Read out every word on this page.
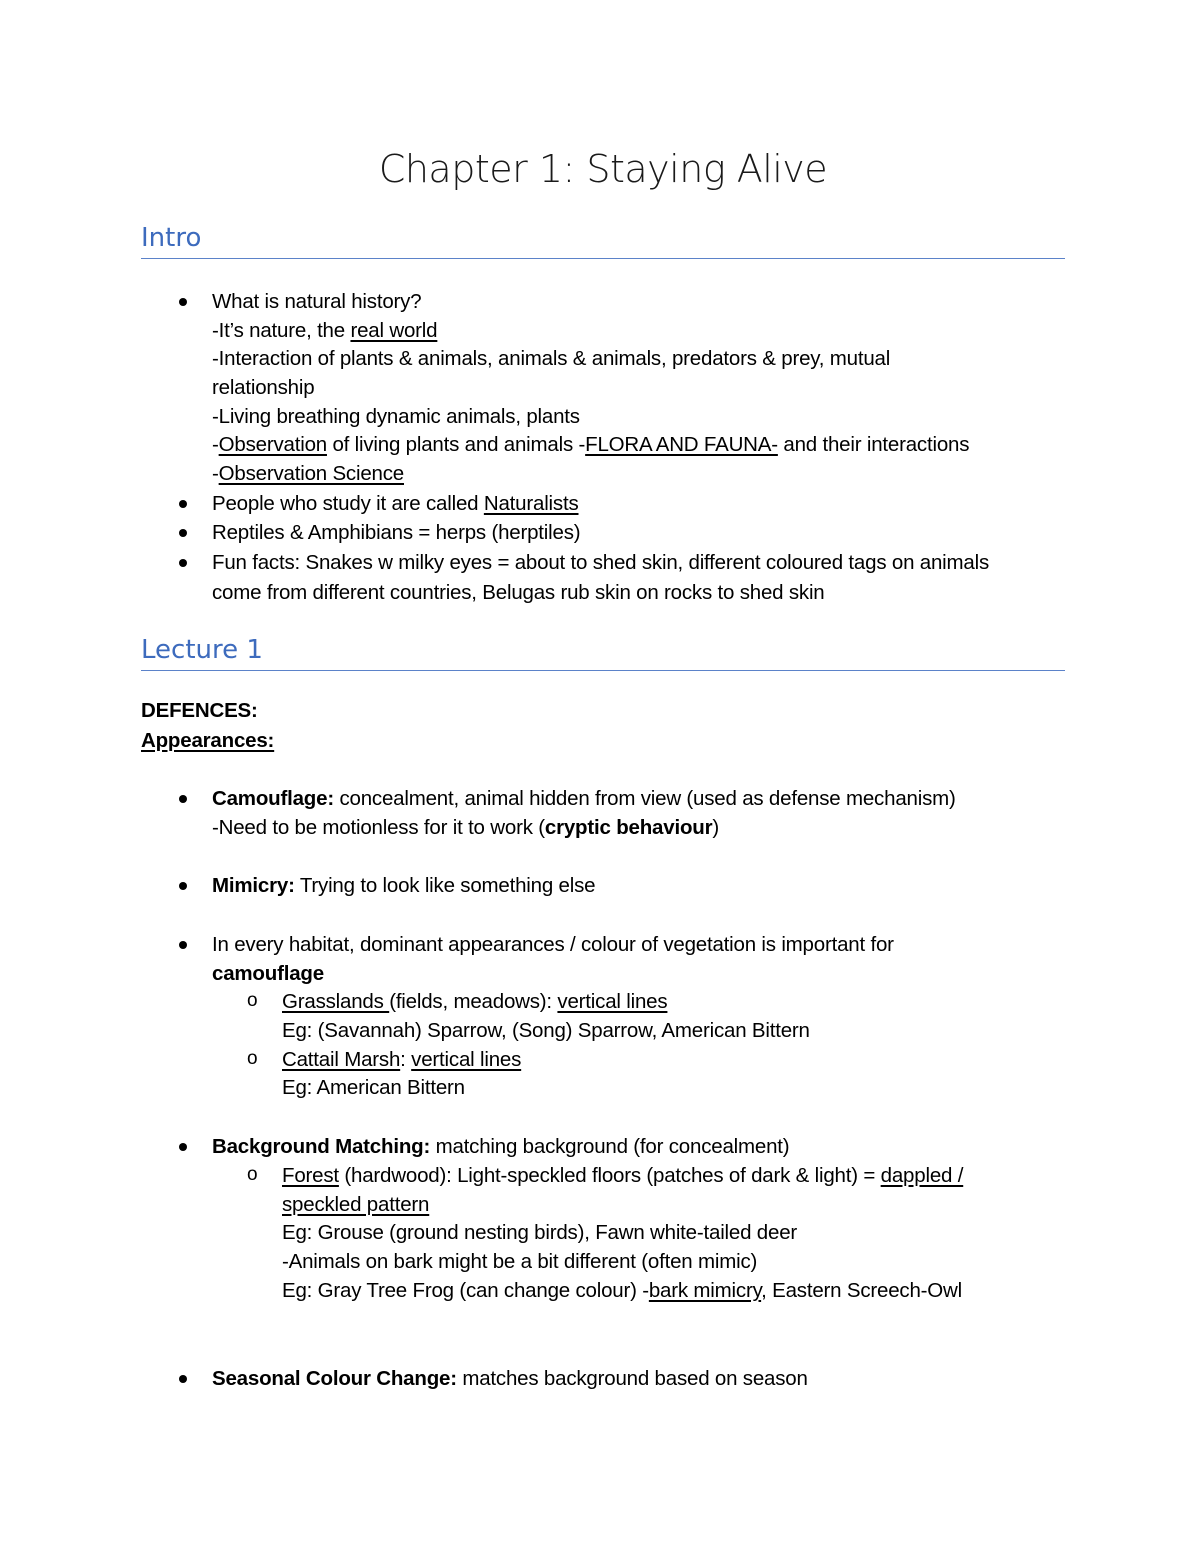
Chapter 1: Staying Alive
Intro
What is natural history?
-It’s nature, the real world
-Interaction of plants & animals, animals & animals, predators & prey, mutual
relationship
-Living breathing dynamic animals, plants
-Observation of living plants and animals -FLORA AND FAUNA- and their interactions
-Observation Science
People who study it are called Naturalists
Reptiles & Amphibians = herps (herptiles)
Fun facts: Snakes w milky eyes = about to shed skin, different coloured tags on animals
come from different countries, Belugas rub skin on rocks to shed skin
Lecture 1
DEFENCES:
Appearances:
Camouflage: concealment, animal hidden from view (used as defense mechanism)
-Need to be motionless for it to work (cryptic behaviour)
Mimicry: Trying to look like something else
In every habitat, dominant appearances / colour of vegetation is important for
camouflage
o Grasslands (fields, meadows): vertical lines
Eg: (Savannah) Sparrow, (Song) Sparrow, American Bittern
o Cattail Marsh: vertical lines
Eg: American Bittern
Background Matching: matching background (for concealment)
o Forest (hardwood): Light-speckled floors (patches of dark & light) = dappled /
speckled pattern
Eg: Grouse (ground nesting birds), Fawn white-tailed deer
-Animals on bark might be a bit different (often mimic)
Eg: Gray Tree Frog (can change colour) -bark mimicry, Eastern Screech-Owl
Seasonal Colour Change: matches background based on season
